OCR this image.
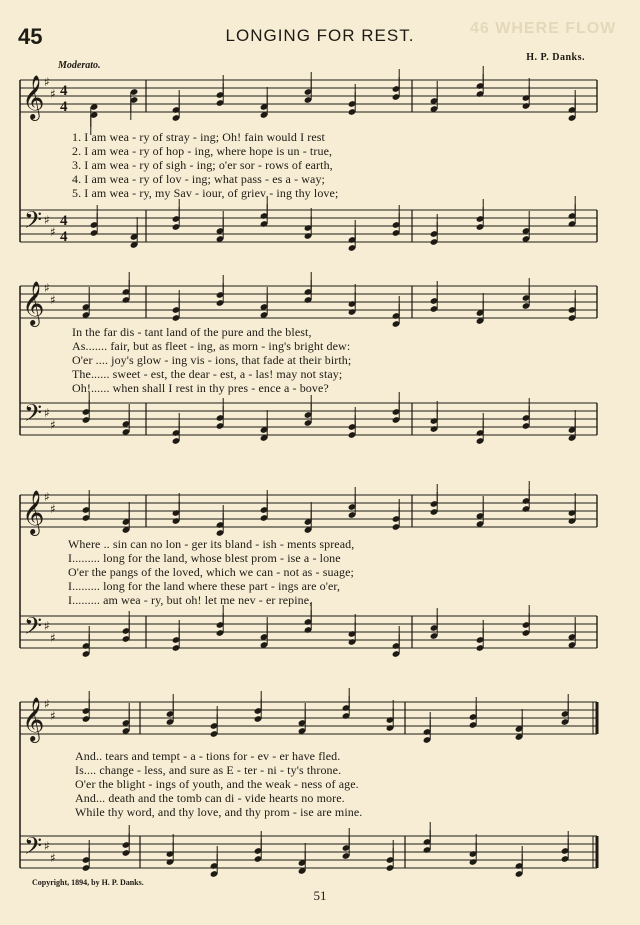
46 WHERE FLOW
45	LONGING FOR REST.
H. P. Danks.
Moderato.
𝄞
𝄢
♯
♯
♯
♯
4
4
4
4
𝄞
𝄢
♯
♯
♯
♯
𝄞
𝄢
♯
♯
♯
♯
𝄞
𝄢
♯
♯
♯
♯
1. I am wea - ry of stray - ing; Oh! fain would I rest
2. I am wea - ry of hop - ing, where hope is un - true,
3. I am wea - ry of sigh - ing; o'er sor - rows of earth,
4. I am wea - ry of lov - ing; what pass - es a - way;
5. I am wea - ry, my Sav - iour, of griev - ing thy love;
In the far dis - tant land of the pure and the blest,
As....... fair, but as fleet - ing, as morn - ing's bright dew:
O'er .... joy's glow - ing vis - ions, that fade at their birth;
The...... sweet - est, the dear - est, a - las! may not stay;
Oh!...... when shall I rest in thy pres - ence a - bove?
Where .. sin can no lon - ger its bland - ish - ments spread,
I......... long for the land, whose blest prom - ise a - lone
O'er the pangs of the loved, which we can - not as - suage;
I......... long for the land where these part - ings are o'er,
I......... am wea - ry, but oh! let me nev - er repine,
And.. tears and tempt - a - tions for - ev - er have fled.
Is.... change - less, and sure as E - ter - ni - ty's throne.
O'er the blight - ings of youth, and the weak - ness of age.
And... death and the tomb can di - vide hearts no more.
While thy word, and thy love, and thy prom - ise are mine.
Copyright, 1894, by H. P. Danks.
51
